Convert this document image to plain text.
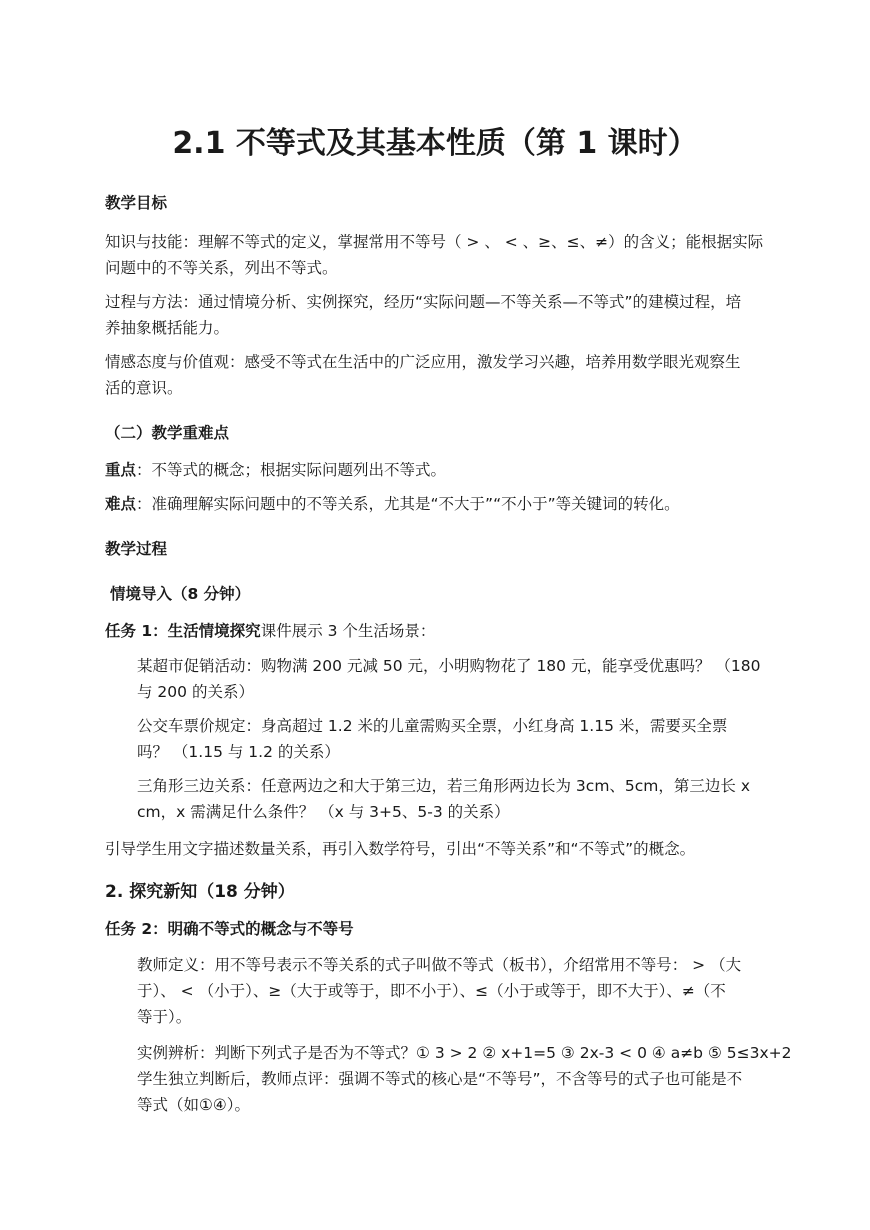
2.1 不等式及其基本性质（第 1 课时）

教学目标

知识与技能：理解不等式的定义，掌握常用不等号（ > 、 < 、≥、≤、≠）的含义；能根据实际

问题中的不等关系，列出不等式。

过程与方法：通过情境分析、实例探究，经历“实际问题—不等关系—不等式”的建模过程，培

养抽象概括能力。

情感态度与价值观：感受不等式在生活中的广泛应用，激发学习兴趣，培养用数学眼光观察生

活的意识。

（二）教学重难点

重点：不等式的概念；根据实际问题列出不等式。

难点：准确理解实际问题中的不等关系，尤其是“不大于”“不小于”等关键词的转化。

教学过程

情境导入（8 分钟）

任务 1：生活情境探究课件展示 3 个生活场景：

某超市促销活动：购物满 200 元减 50 元，小明购物花了 180 元，能享受优惠吗？ （180

与 200 的关系）

公交车票价规定：身高超过 1.2 米的儿童需购买全票，小红身高 1.15 米，需要买全票

吗？ （1.15 与 1.2 的关系）

三角形三边关系：任意两边之和大于第三边，若三角形两边长为 3cm、5cm，第三边长 x

cm，x 需满足什么条件？ （x 与 3+5、5-3 的关系）

引导学生用文字描述数量关系，再引入数学符号，引出“不等关系”和“不等式”的概念。

2. 探究新知（18 分钟）

任务 2：明确不等式的概念与不等号

教师定义：用不等号表示不等关系的式子叫做不等式（板书），介绍常用不等号： > （大

于）、 < （小于）、≥（大于或等于，即不小于）、≤（小于或等于，即不大于）、≠（不

等于）。

实例辨析：判断下列式子是否为不等式？① 3 > 2 ② x+1=5 ③ 2x-3 < 0 ④ a≠b ⑤ 5≤3x+2

学生独立判断后，教师点评：强调不等式的核心是“不等号”，不含等号的式子也可能是不

等式（如①④）。
